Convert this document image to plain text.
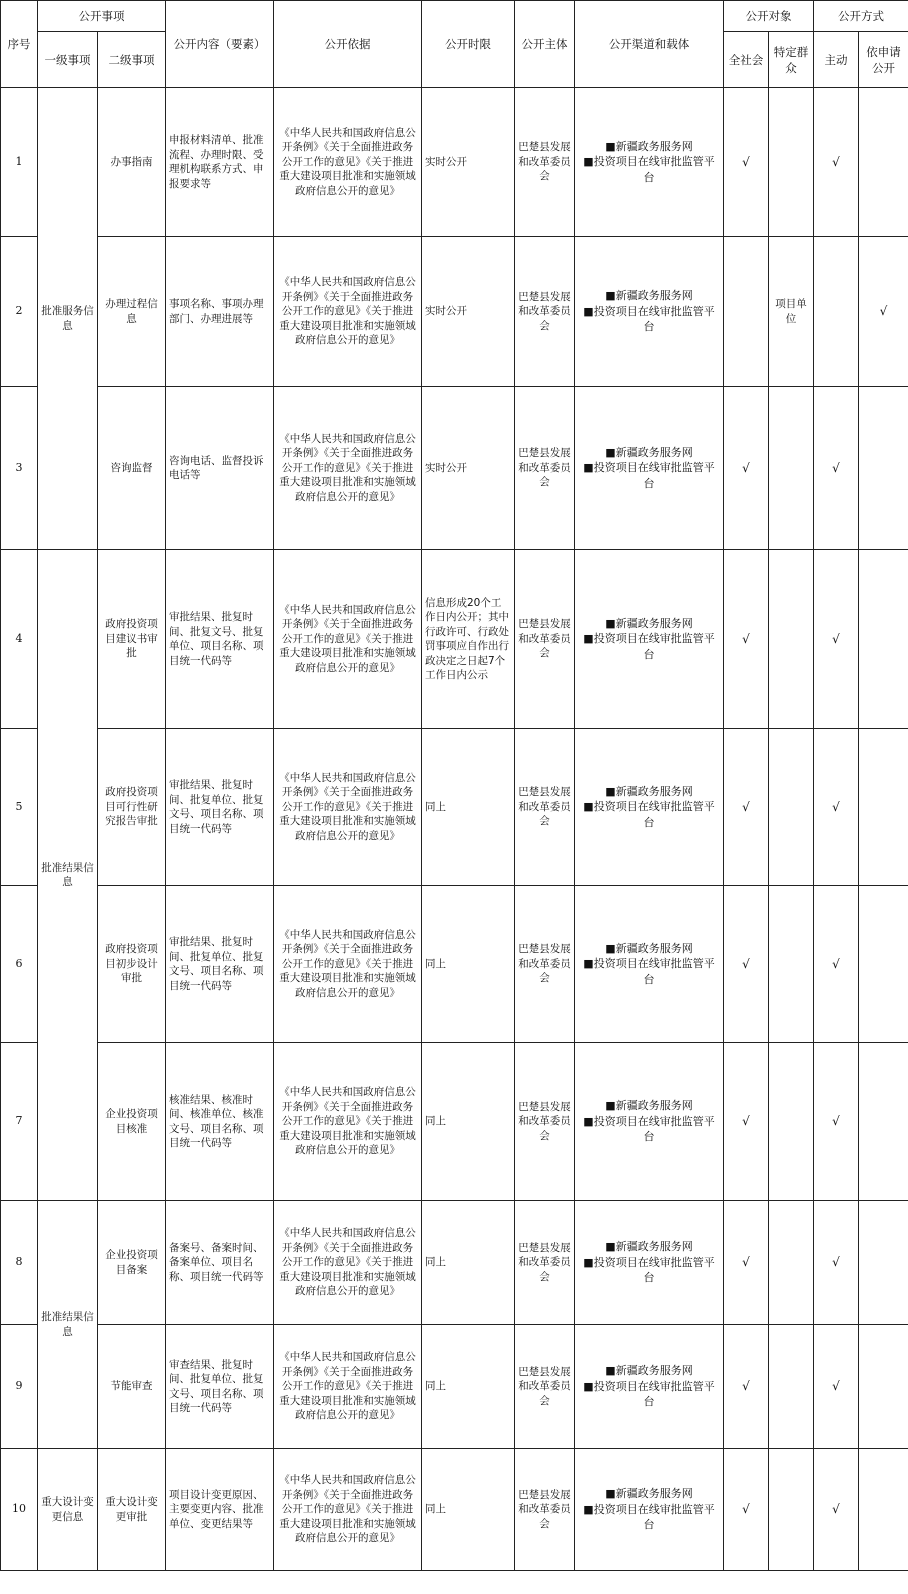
序号	公开事项		公开内容（要素）	公开依据	公开时限	公开主体	公开渠道和载体	公开对象		公开方式	
	一级事项	二级事项						全社会	特定群众	主动	依申请公开
1	批准服务信息	办事指南	申报材料清单、批准流程、办理时限、受理机构联系方式、申报要求等	《中华人民共和国政府信息公开条例》《关于全面推进政务公开工作的意见》《关于推进重大建设项目批准和实施领域政府信息公开的意见》	实时公开	巴楚县发展和改革委员会	■新疆政务服务网
■投资项目在线审批监管平台	√		√	
2		办理过程信息	事项名称、事项办理部门、办理进展等	《中华人民共和国政府信息公开条例》《关于全面推进政务公开工作的意见》《关于推进重大建设项目批准和实施领域政府信息公开的意见》	实时公开	巴楚县发展和改革委员会	■新疆政务服务网
■投资项目在线审批监管平台		项目单位		√
3		咨询监督	咨询电话、监督投诉电话等	《中华人民共和国政府信息公开条例》《关于全面推进政务公开工作的意见》《关于推进重大建设项目批准和实施领域政府信息公开的意见》	实时公开	巴楚县发展和改革委员会	■新疆政务服务网
■投资项目在线审批监管平台	√		√	
4	批准结果信息	政府投资项目建议书审批	审批结果、批复时间、批复文号、批复单位、项目名称、项目统一代码等	《中华人民共和国政府信息公开条例》《关于全面推进政务公开工作的意见》《关于推进重大建设项目批准和实施领域政府信息公开的意见》	信息形成20个工作日内公开；其中行政许可、行政处罚事项应自作出行政决定之日起7个工作日内公示	巴楚县发展和改革委员会	■新疆政务服务网
■投资项目在线审批监管平台	√		√	
5		政府投资项目可行性研究报告审批	审批结果、批复时间、批复单位、批复文号、项目名称、项目统一代码等	《中华人民共和国政府信息公开条例》《关于全面推进政务公开工作的意见》《关于推进重大建设项目批准和实施领域政府信息公开的意见》	同上	巴楚县发展和改革委员会	■新疆政务服务网
■投资项目在线审批监管平台	√		√	
6		政府投资项目初步设计审批	审批结果、批复时间、批复单位、批复文号、项目名称、项目统一代码等	《中华人民共和国政府信息公开条例》《关于全面推进政务公开工作的意见》《关于推进重大建设项目批准和实施领域政府信息公开的意见》	同上	巴楚县发展和改革委员会	■新疆政务服务网
■投资项目在线审批监管平台	√		√	
7		企业投资项目核准	核准结果、核准时间、核准单位、核准文号、项目名称、项目统一代码等	《中华人民共和国政府信息公开条例》《关于全面推进政务公开工作的意见》《关于推进重大建设项目批准和实施领域政府信息公开的意见》	同上	巴楚县发展和改革委员会	■新疆政务服务网
■投资项目在线审批监管平台	√		√	
8	批准结果信息	企业投资项目备案	备案号、备案时间、备案单位、项目名称、项目统一代码等	《中华人民共和国政府信息公开条例》《关于全面推进政务公开工作的意见》《关于推进重大建设项目批准和实施领域政府信息公开的意见》	同上	巴楚县发展和改革委员会	■新疆政务服务网
■投资项目在线审批监管平台	√		√	
9		节能审查	审查结果、批复时间、批复单位、批复文号、项目名称、项目统一代码等	《中华人民共和国政府信息公开条例》《关于全面推进政务公开工作的意见》《关于推进重大建设项目批准和实施领域政府信息公开的意见》	同上	巴楚县发展和改革委员会	■新疆政务服务网
■投资项目在线审批监管平台	√		√	
10	重大设计变更信息	重大设计变更审批	项目设计变更原因、主要变更内容、批准单位、变更结果等	《中华人民共和国政府信息公开条例》《关于全面推进政务公开工作的意见》《关于推进重大建设项目批准和实施领域政府信息公开的意见》	同上	巴楚县发展和改革委员会	■新疆政务服务网
■投资项目在线审批监管平台	√		√	
